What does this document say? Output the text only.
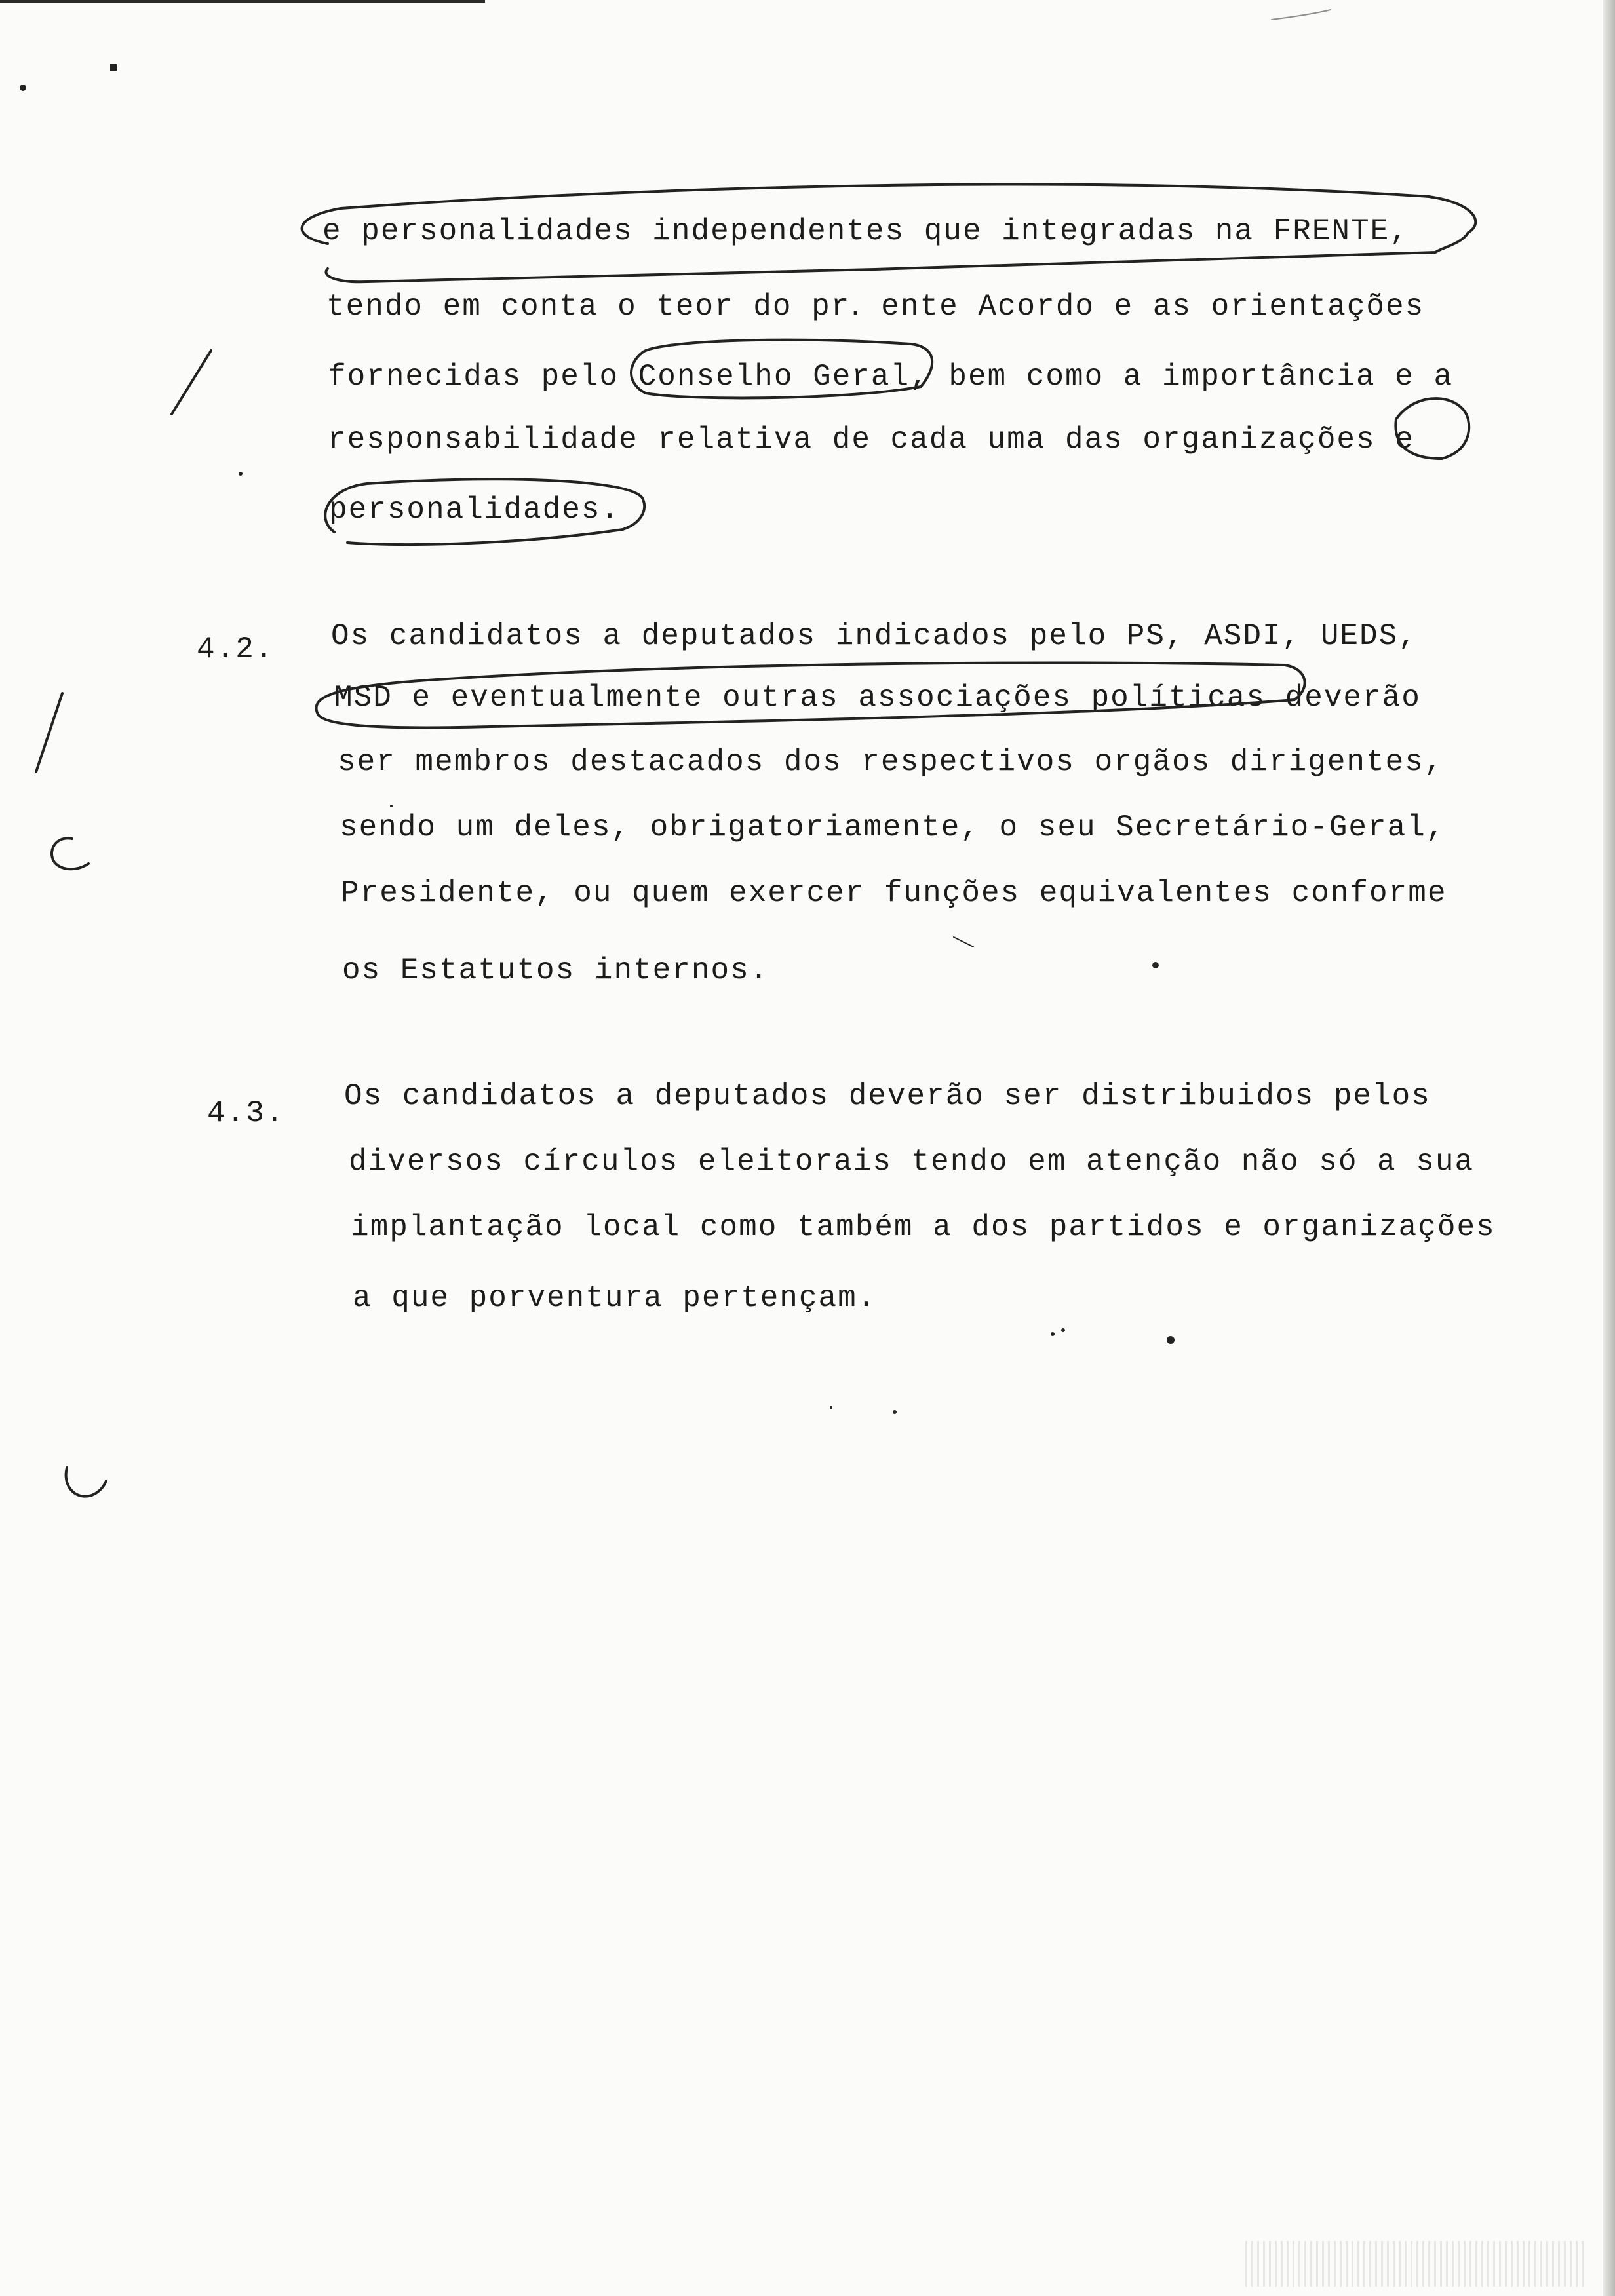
e personalidades independentes que integradas na FRENTE,
tendo em conta o teor do pr․ ente Acordo e as orientações
fornecidas pelo Conselho Geral, bem como a importância e a
responsabilidade relativa de cada uma das organizações e
personalidades.
4.2. Os candidatos a deputados indicados pelo PS, ASDI, UEDS,
MSD e eventualmente outras associações políticas deverão
ser membros destacados dos respectivos orgãos dirigentes,
sendo um deles, obrigatoriamente, o seu Secretário-Geral,
Presidente, ou quem exercer funções equivalentes conforme
os Estatutos internos.
4.3. Os candidatos a deputados deverão ser distribuidos pelos
diversos círculos eleitorais tendo em atenção não só a sua
implantação local como também a dos partidos e organizações
a que porventura pertençam.
